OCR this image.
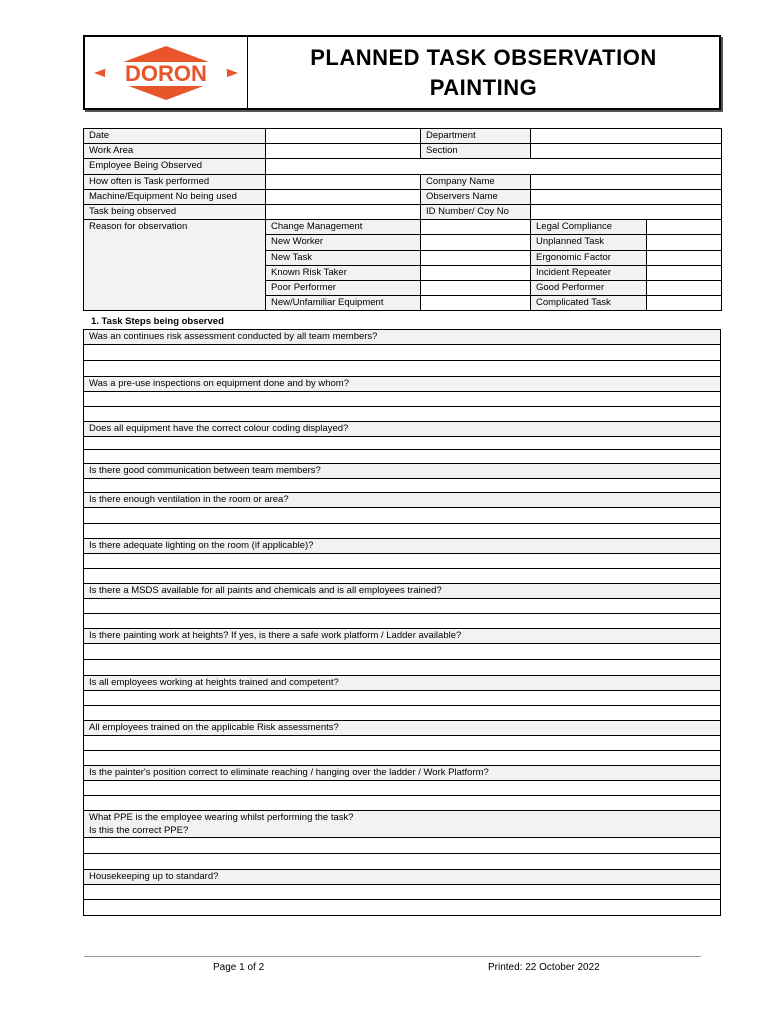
DORON
PLANNED TASK OBSERVATION
PAINTING
Date		Department		
Work Area		Section		
Employee Being Observed				
How often is Task performed		Company Name		
Machine/Equipment No being used		Observers Name		
Task being observed		ID Number/ Coy No		
Reason for observation	Change Management		Legal Compliance	
	New Worker		Unplanned Task	
	New Task		Ergonomic Factor	
	Known Risk Taker		Incident Repeater	
	Poor Performer		Good Performer	
	New/Unfamiliar Equipment		Complicated Task	
1. Task Steps being observed
Was an continues risk assessment conducted by all team members?

Was a pre-use inspections on equipment done and by whom?

Does all equipment have the correct colour coding displayed?

Is there good communication between team members?

Is there enough ventilation in the room or area?

Is there adequate lighting on the room (if applicable)?

Is there a MSDS available for all paints and chemicals and is all employees trained?

Is there painting work at heights? If yes, is there a safe work platform / Ladder available?

Is all employees working at heights trained and competent?

All employees trained on the applicable Risk assessments?

Is the painter's position correct to eliminate reaching / hanging over the ladder / Work Platform?

What PPE is the employee wearing whilst performing the task?
Is this the correct PPE?

Housekeeping up to standard?

Page 1 of 2	Printed: 22 October 2022
